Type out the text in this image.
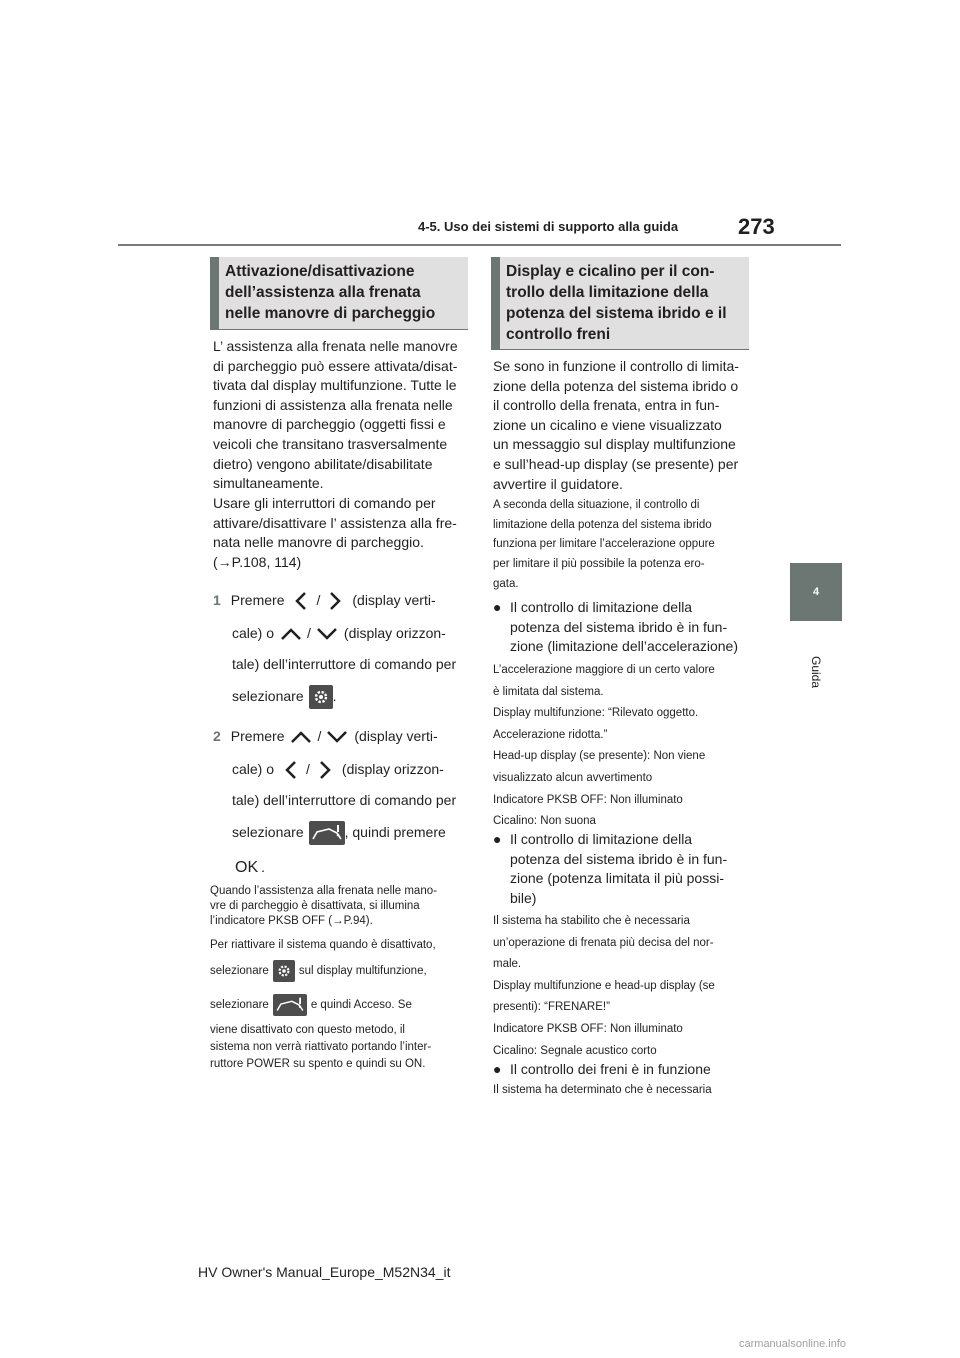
4-5. Uso dei sistemi di supporto alla guida	273
4
Guida
Attivazione/disattivazione
dell’assistenza alla frenata
nelle manovre di parcheggio
L’ assistenza alla frenata nelle manovre
di parcheggio può essere attivata/disat-
tivata dal display multifunzione. Tutte le
funzioni di assistenza alla frenata nelle
manovre di parcheggio (oggetti fissi e
veicoli che transitano trasversalmente
dietro) vengono abilitate/disabilitate
simultaneamente.
Usare gli interruttori di comando per
attivare/disattivare l’ assistenza alla fre-
nata nelle manovre di parcheggio.
(→P.108, 114)
1 Premere / (display verti-
cale) o / (display orizzon-
tale) dell’interruttore di comando per
selezionare .
2 Premere / (display verti-
cale) o / (display orizzon-
tale) dell’interruttore di comando per
selezionare	, quindi premere
OK .
Quando l’assistenza alla frenata nelle mano-
vre di parcheggio è disattivata, si illumina
l’indicatore PKSB OFF (→P.94).
Per riattivare il sistema quando è disattivato,
selezionare	sul display multifunzione,
selezionare	e quindi Acceso. Se
viene disattivato con questo metodo, il
sistema non verrà riattivato portando l’inter-
ruttore POWER su spento e quindi su ON.
Display e cicalino per il con-
trollo della limitazione della
potenza del sistema ibrido e il
controllo freni
Se sono in funzione il controllo di limita-
zione della potenza del sistema ibrido o
il controllo della frenata, entra in fun-
zione un cicalino e viene visualizzato
un messaggio sul display multifunzione
e sull’head-up display (se presente) per
avvertire il guidatore.
A seconda della situazione, il controllo di
limitazione della potenza del sistema ibrido
funziona per limitare l’accelerazione oppure
per limitare il più possibile la potenza ero-
gata.
● Il controllo di limitazione della
potenza del sistema ibrido è in fun-
zione (limitazione dell’accelerazione)
L’accelerazione maggiore di un certo valore
è limitata dal sistema.
Display multifunzione: “Rilevato oggetto.
Accelerazione ridotta.”
Head-up display (se presente): Non viene
visualizzato alcun avvertimento
Indicatore PKSB OFF: Non illuminato
Cicalino: Non suona
● Il controllo di limitazione della
potenza del sistema ibrido è in fun-
zione (potenza limitata il più possi-
bile)
Il sistema ha stabilito che è necessaria
un’operazione di frenata più decisa del nor-
male.
Display multifunzione e head-up display (se
presenti): “FRENARE!”
Indicatore PKSB OFF: Non illuminato
Cicalino: Segnale acustico corto
● Il controllo dei freni è in funzione
Il sistema ha determinato che è necessaria
HV Owner's Manual_Europe_M52N34_it
carmanualsonline.info
